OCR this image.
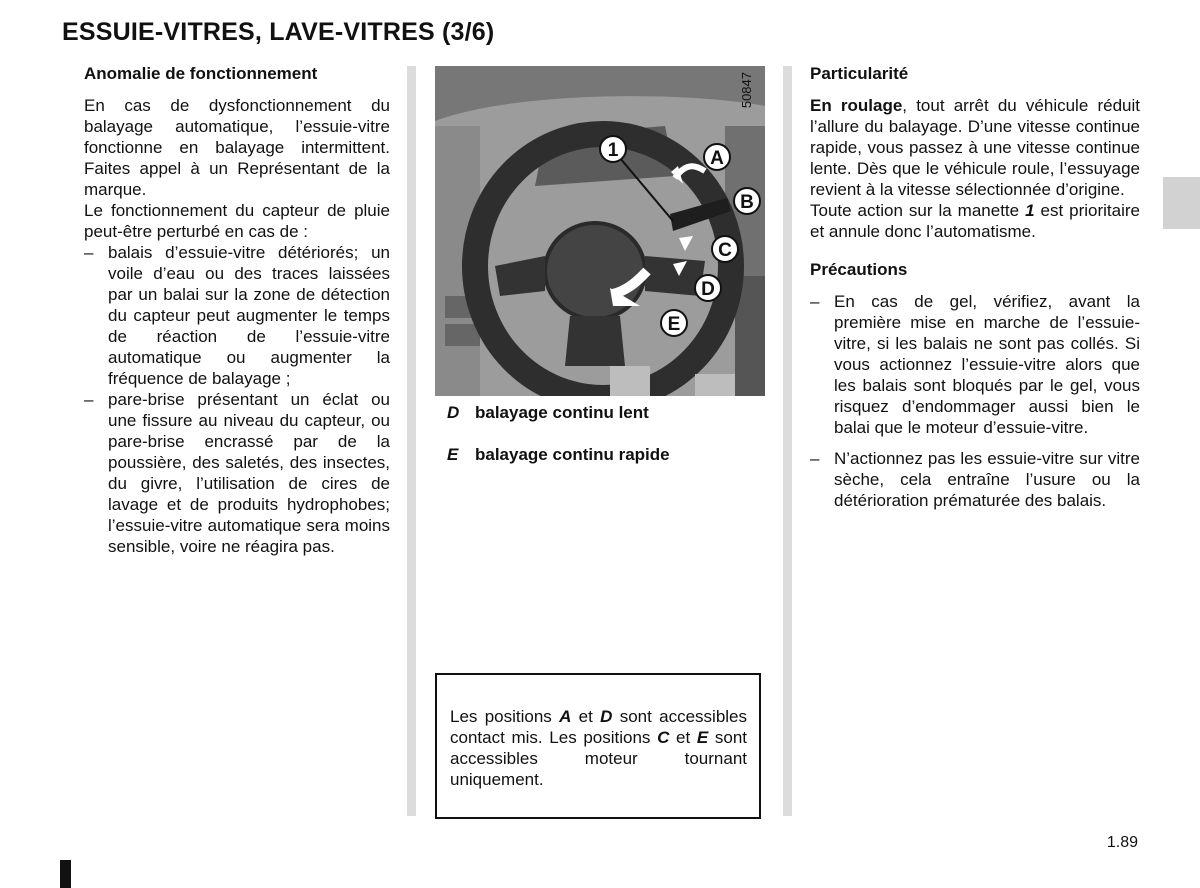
ESSUIE-VITRES, LAVE-VITRES (3/6)

Anomalie de fonctionnement

En cas de dysfonctionnement du balayage automatique, l’essuie-vitre fonctionne en balayage intermittent. Faites appel à un Représentant de la marque.

Le fonctionnement du capteur de pluie peut-être perturbé en cas de :

– balais d’essuie-vitre détériorés; un voile d’eau ou des traces laissées par un balai sur la zone de détection du capteur peut augmenter le temps de réaction de l’essuie-vitre automatique ou augmenter la fréquence de balayage ;
– pare-brise présentant un éclat ou une fissure au niveau du capteur, ou pare-brise encrassé par de la poussière, des saletés, des insectes, du givre, l’utilisation de cires de lavage et de produits hydrophobes; l’essuie-vitre automatique sera moins sensible, voire ne réagira pas.
50847
1	A
B
C
D
E
D balayage continu lent
E balayage continu rapide
Les positions A et D sont accessibles contact mis. Les positions C et E sont accessibles moteur tournant uniquement.

Particularité

En roulage, tout arrêt du véhicule réduit l’allure du balayage. D’une vitesse continue rapide, vous passez à une vitesse continue lente. Dès que le véhicule roule, l’essuyage revient à la vitesse sélectionnée d’origine.

Toute action sur la manette 1 est prioritaire et annule donc l’automatisme.

Précautions

– En cas de gel, vérifiez, avant la première mise en marche de l’essuie-vitre, si les balais ne sont pas collés. Si vous actionnez l’essuie-vitre alors que les balais sont bloqués par le gel, vous risquez d’endommager aussi bien le balai que le moteur d’essuie-vitre.
– N’actionnez pas les essuie-vitre sur vitre sèche, cela entraîne l’usure ou la détérioration prématurée des balais.
1.89
